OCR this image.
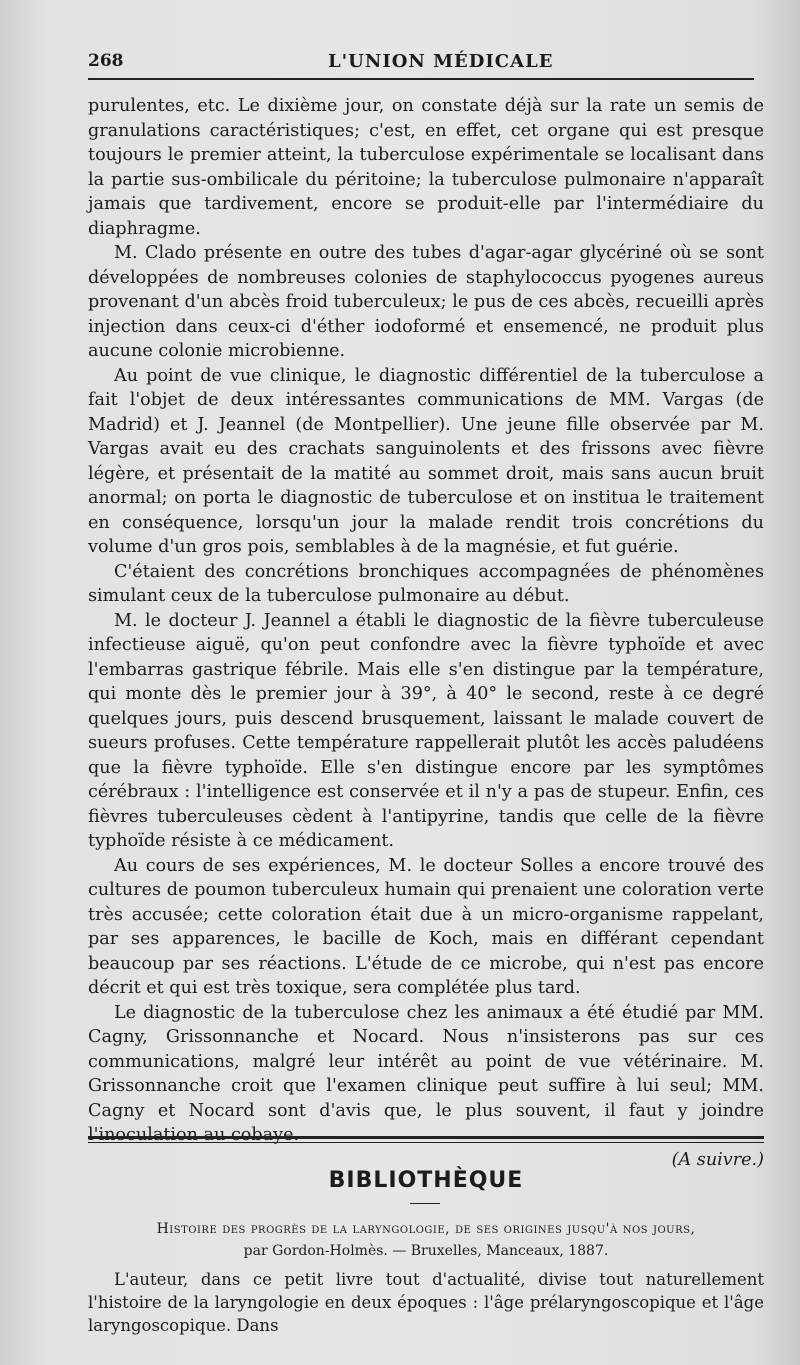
268	L'UNION MÉDICALE

purulentes, etc. Le dixième jour, on constate déjà sur la rate un semis de granulations caractéristiques; c'est, en effet, cet organe qui est presque toujours le premier atteint, la tuberculose expérimentale se localisant dans la partie sus-ombilicale du péritoine; la tuberculose pulmonaire n'apparaît jamais que tardivement, encore se produit-elle par l'intermédiaire du diaphragme.

M. Clado présente en outre des tubes d'agar-agar glycériné où se sont développées de nombreuses colonies de staphylococcus pyogenes aureus provenant d'un abcès froid tuberculeux; le pus de ces abcès, recueilli après injection dans ceux-ci d'éther iodoformé et ensemencé, ne produit plus aucune colonie microbienne.

Au point de vue clinique, le diagnostic différentiel de la tuberculose a fait l'objet de deux intéressantes communications de MM. Vargas (de Madrid) et J. Jeannel (de Montpellier). Une jeune fille observée par M. Vargas avait eu des crachats sanguinolents et des frissons avec fièvre légère, et présentait de la matité au sommet droit, mais sans aucun bruit anormal; on porta le diagnostic de tuberculose et on institua le traitement en conséquence, lorsqu'un jour la malade rendit trois concrétions du volume d'un gros pois, semblables à de la magnésie, et fut guérie.

C'étaient des concrétions bronchiques accompagnées de phénomènes simulant ceux de la tuberculose pulmonaire au début.

M. le docteur J. Jeannel a établi le diagnostic de la fièvre tuberculeuse infectieuse aiguë, qu'on peut confondre avec la fièvre typhoïde et avec l'embarras gastrique fébrile. Mais elle s'en distingue par la température, qui monte dès le premier jour à 39°, à 40° le second, reste à ce degré quelques jours, puis descend brusquement, laissant le malade couvert de sueurs profuses. Cette température rappellerait plutôt les accès paludéens que la fièvre typhoïde. Elle s'en distingue encore par les symptômes cérébraux : l'intelligence est conservée et il n'y a pas de stupeur. Enfin, ces fièvres tuberculeuses cèdent à l'antipyrine, tandis que celle de la fièvre typhoïde résiste à ce médicament.

Au cours de ses expériences, M. le docteur Solles a encore trouvé des cultures de poumon tuberculeux humain qui prenaient une coloration verte très accusée; cette coloration était due à un micro-organisme rappelant, par ses apparences, le bacille de Koch, mais en différant cependant beaucoup par ses réactions. L'étude de ce microbe, qui n'est pas encore décrit et qui est très toxique, sera complétée plus tard.

Le diagnostic de la tuberculose chez les animaux a été étudié par MM. Cagny, Grissonnanche et Nocard. Nous n'insisterons pas sur ces communications, malgré leur intérêt au point de vue vétérinaire. M. Grissonnanche croit que l'examen clinique peut suffire à lui seul; MM. Cagny et Nocard sont d'avis que, le plus souvent, il faut y joindre l'inoculation au cobaye.

(A suivre.)
BIBLIOTHÈQUE

Histoire des progrès de la laryngologie, de ses origines jusqu'à nos jours,

par Gordon-Holmès. — Bruxelles, Manceaux, 1887.

L'auteur, dans ce petit livre tout d'actualité, divise tout naturellement l'histoire de la laryngologie en deux époques : l'âge prélaryngoscopique et l'âge laryngoscopique. Dans
